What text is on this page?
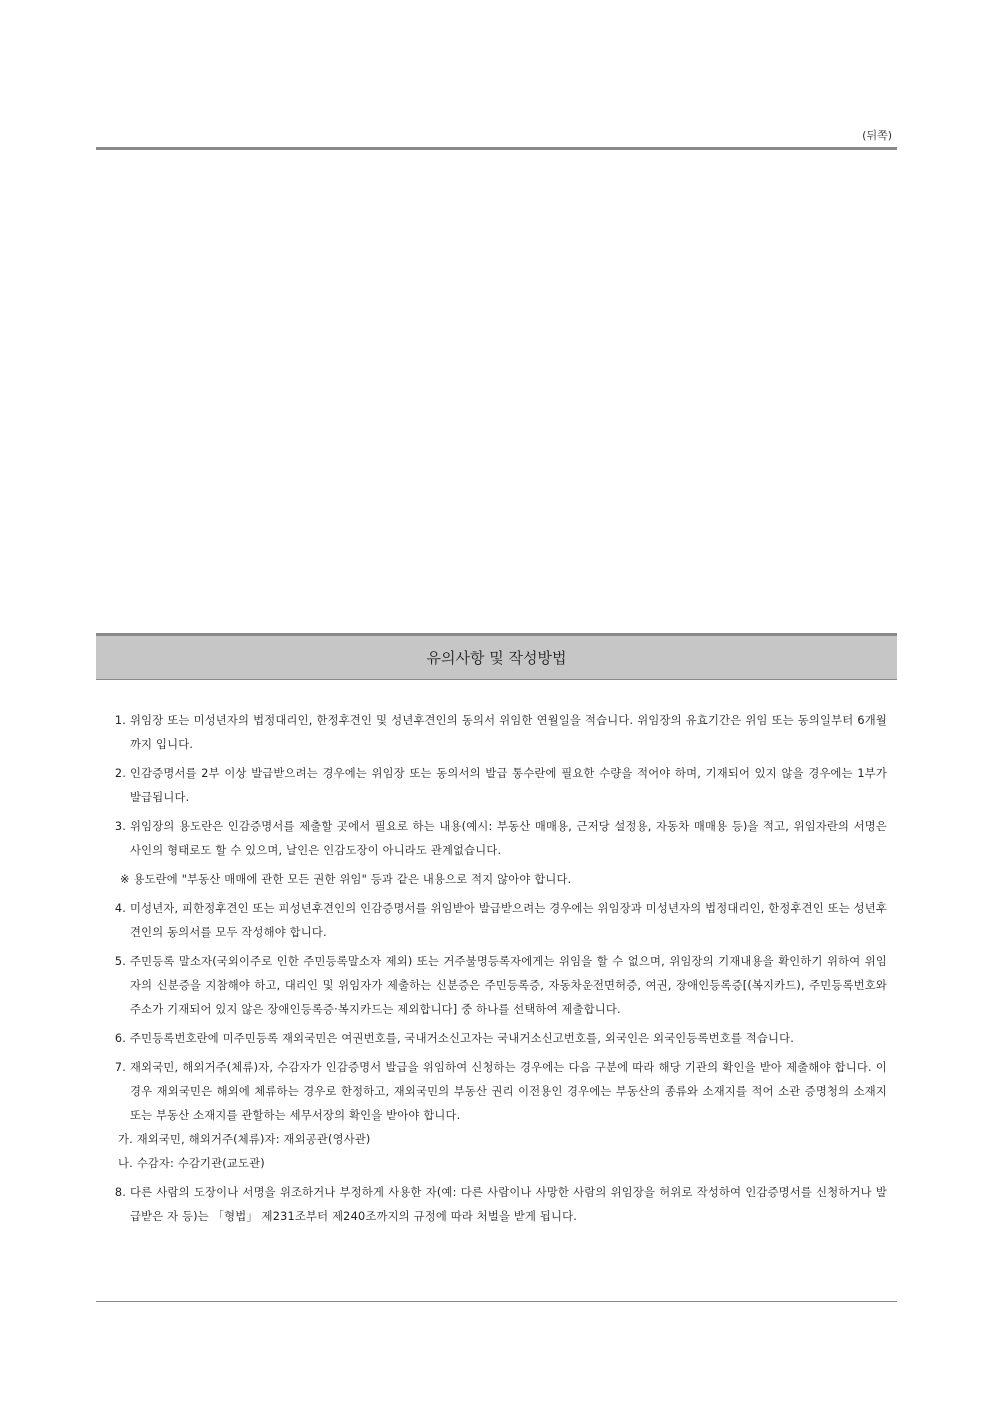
(뒤쪽)
유의사항 및 작성방법
1. 위임장 또는 미성년자의 법정대리인, 한정후견인 및 성년후견인의 동의서 위임한 연월일을 적습니다. 위임장의 유효기간은 위임 또는 동의일부터 6개월까지 입니다.
2. 인감증명서를 2부 이상 발급받으려는 경우에는 위임장 또는 동의서의 발급 통수란에 필요한 수량을 적어야 하며, 기재되어 있지 않을 경우에는 1부가 발급됩니다.
3. 위임장의 용도란은 인감증명서를 제출할 곳에서 필요로 하는 내용(예시: 부동산 매매용, 근저당 설정용, 자동차 매매용 등)을 적고, 위임자란의 서명은 사인의 형태로도 할 수 있으며, 날인은 인감도장이 아니라도 관계없습니다.
※ 용도란에 "부동산 매매에 관한 모든 권한 위임" 등과 같은 내용으로 적지 않아야 합니다.
4. 미성년자, 피한정후견인 또는 피성년후견인의 인감증명서를 위임받아 발급받으려는 경우에는 위임장과 미성년자의 법정대리인, 한정후견인 또는 성년후견인의 동의서를 모두 작성해야 합니다.
5. 주민등록 말소자(국외이주로 인한 주민등록말소자 제외) 또는 거주불명등록자에게는 위임을 할 수 없으며, 위임장의 기재내용을 확인하기 위하여 위임자의 신분증을 지참해야 하고, 대리인 및 위임자가 제출하는 신분증은 주민등록증, 자동차운전면허증, 여권, 장애인등록증[(복지카드), 주민등록번호와 주소가 기재되어 있지 않은 장애인등록증·복지카드는 제외합니다] 중 하나를 선택하여 제출합니다.
6. 주민등록번호란에 미주민등록 재외국민은 여권번호를, 국내거소신고자는 국내거소신고번호를, 외국인은 외국인등록번호를 적습니다.
7. 재외국민, 해외거주(체류)자, 수감자가 인감증명서 발급을 위임하여 신청하는 경우에는 다음 구분에 따라 해당 기관의 확인을 받아 제출해야 합니다. 이 경우 재외국민은 해외에 체류하는 경우로 한정하고, 재외국민의 부동산 권리 이전용인 경우에는 부동산의 종류와 소재지를 적어 소관 증명청의 소재지 또는 부동산 소재지를 관할하는 세무서장의 확인을 받아야 합니다.
가. 재외국민, 해외거주(체류)자: 재외공관(영사관)
나. 수감자: 수감기관(교도관)
8. 다른 사람의 도장이나 서명을 위조하거나 부정하게 사용한 자(예: 다른 사람이나 사망한 사람의 위임장을 허위로 작성하여 인감증명서를 신청하거나 발급받은 자 등)는 「형법」 제231조부터 제240조까지의 규정에 따라 처벌을 받게 됩니다.
